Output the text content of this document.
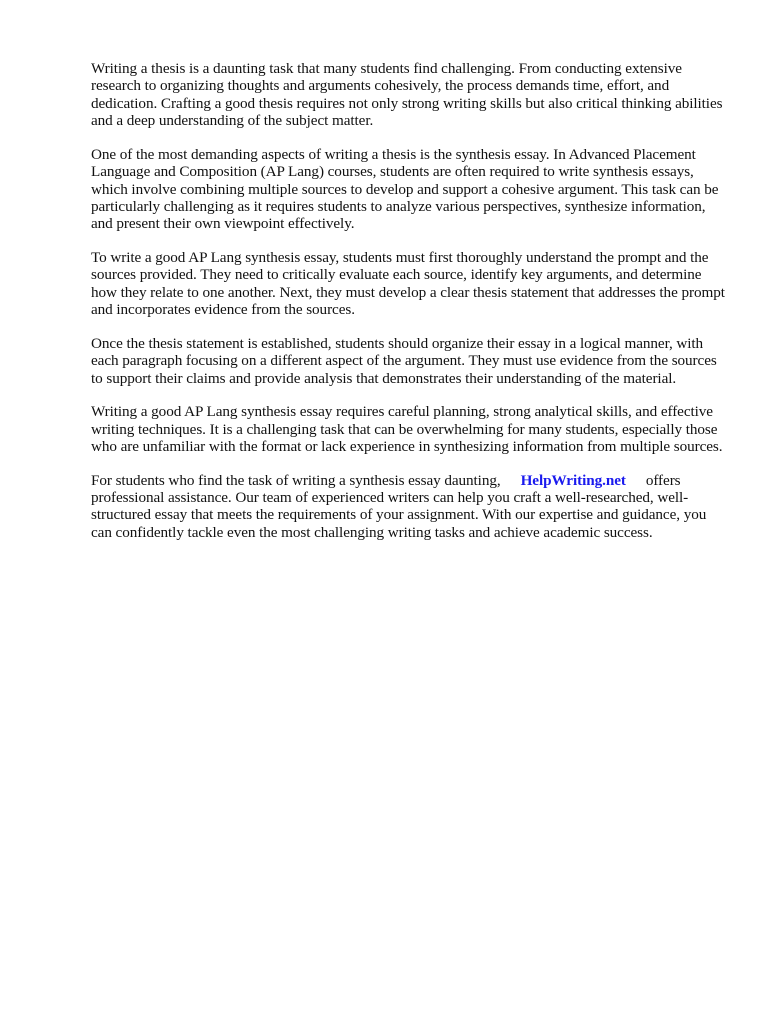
Writing a thesis is a daunting task that many students find challenging. From conducting extensive research to organizing thoughts and arguments cohesively, the process demands time, effort, and dedication. Crafting a good thesis requires not only strong writing skills but also critical thinking abilities and a deep understanding of the subject matter.

One of the most demanding aspects of writing a thesis is the synthesis essay. In Advanced Placement Language and Composition (AP Lang) courses, students are often required to write synthesis essays, which involve combining multiple sources to develop and support a cohesive argument. This task can be particularly challenging as it requires students to analyze various perspectives, synthesize information, and present their own viewpoint effectively.

To write a good AP Lang synthesis essay, students must first thoroughly understand the prompt and the sources provided. They need to critically evaluate each source, identify key arguments, and determine how they relate to one another. Next, they must develop a clear thesis statement that addresses the prompt and incorporates evidence from the sources.

Once the thesis statement is established, students should organize their essay in a logical manner, with each paragraph focusing on a different aspect of the argument. They must use evidence from the sources to support their claims and provide analysis that demonstrates their understanding of the material.

Writing a good AP Lang synthesis essay requires careful planning, strong analytical skills, and effective writing techniques. It is a challenging task that can be overwhelming for many students, especially those who are unfamiliar with the format or lack experience in synthesizing information from multiple sources.

For students who find the task of writing a synthesis essay daunting, HelpWriting.net offers professional assistance. Our team of experienced writers can help you craft a well-researched, well-structured essay that meets the requirements of your assignment. With our expertise and guidance, you can confidently tackle even the most challenging writing tasks and achieve academic success.
